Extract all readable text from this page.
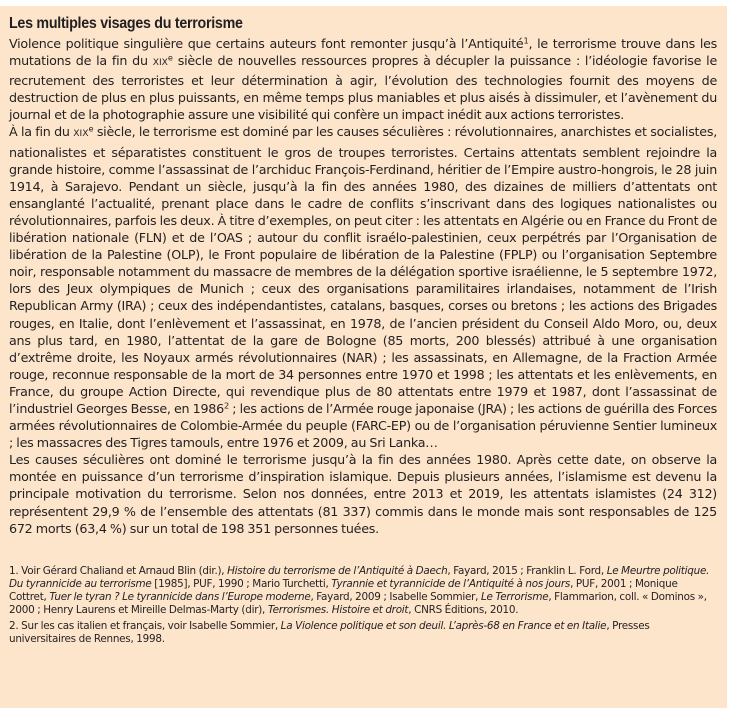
Les multiples visages du terrorisme

Violence politique singulière que certains auteurs font remonter jusqu’à l’Antiquité$^1$, le terrorisme trouve dans les mutations de la fin du XIXe siècle de nouvelles ressources propres à décupler la puissance : l’idéologie favorise le recrutement des terroristes et leur détermination à agir, l’évolution des technologies fournit des moyens de destruction de plus en plus puissants, en même temps plus maniables et plus aisés à dissimuler, et l’avènement du journal et de la photographie assure une visibilité qui confère un impact inédit aux actions terroristes.

À la fin du XIXe siècle, le terrorisme est dominé par les causes séculières : révolutionnaires, anarchistes et socialistes, nationalistes et séparatistes constituent le gros de troupes terroristes. Certains attentats semblent rejoindre la grande histoire, comme l’assassinat de l’archiduc François-Ferdinand, héritier de l’Empire austro-hongrois, le 28 juin 1914, à Sarajevo. Pendant un siècle, jusqu’à la fin des années 1980, des dizaines de milliers d’attentats ont ensanglanté l’actualité, prenant place dans le cadre de conflits s’inscrivant dans des logiques nationalistes ou révolutionnaires, parfois les deux. À titre d’exemples, on peut citer : les attentats en Algérie ou en France du Front de libération nationale (FLN) et de l’OAS ; autour du conflit israélo-palestinien, ceux perpétrés par l’Organisation de libération de la Palestine (OLP), le Front populaire de libération de la Palestine (FPLP) ou l’organisation Septembre noir, responsable notamment du massacre de membres de la délégation sportive israélienne, le 5 septembre 1972, lors des Jeux olympiques de Munich ; ceux des organisations paramilitaires irlandaises, notamment de l’Irish Republican Army (IRA) ; ceux des indépendantistes, catalans, basques, corses ou bretons ; les actions des Brigades rouges, en Italie, dont l’enlèvement et l’assassinat, en 1978, de l’ancien président du Conseil Aldo Moro, ou, deux ans plus tard, en 1980, l’attentat de la gare de Bologne (85 morts, 200 blessés) attribué à une organisation d’extrême droite, les Noyaux armés révolutionnaires (NAR) ; les assassinats, en Allemagne, de la Fraction Armée rouge, reconnue responsable de la mort de 34 personnes entre 1970 et 1998 ; les attentats et les enlèvements, en France, du groupe Action Directe, qui revendique plus de 80 attentats entre 1979 et 1987, dont l’assassinat de l’industriel Georges Besse, en 1986$^2$ ; les actions de l’Armée rouge japonaise (JRA) ; les actions de guérilla des Forces armées révolutionnaires de Colombie-Armée du peuple (FARC-EP) ou de l’organisation péruvienne Sentier lumineux ; les massacres des Tigres tamouls, entre 1976 et 2009, au Sri Lanka…

Les causes séculières ont dominé le terrorisme jusqu’à la fin des années 1980. Après cette date, on observe la montée en puissance d’un terrorisme d’inspiration islamique. Depuis plusieurs années, l’islamisme est devenu la principale motivation du terrorisme. Selon nos données, entre 2013 et 2019, les attentats islamistes (24 312) représentent 29,9 % de l’ensemble des attentats (81 337) commis dans le monde mais sont responsables de 125 672 morts (63,4 %) sur un total de 198 351 personnes tuées.

1. Voir Gérard Chaliand et Arnaud Blin (dir.), Histoire du terrorisme de l’Antiquité à Daech, Fayard, 2015 ; Franklin L. Ford, Le Meurtre politique. Du tyrannicide au terrorisme [1985], PUF, 1990 ; Mario Turchetti, Tyrannie et tyrannicide de l’Antiquité à nos jours, PUF, 2001 ; Monique Cottret, Tuer le tyran ? Le tyrannicide dans l’Europe moderne, Fayard, 2009 ; Isabelle Sommier, Le Terrorisme, Flammarion, coll. « Dominos », 2000 ; Henry Laurens et Mireille Delmas-Marty (dir), Terrorismes. Histoire et droit, CNRS Éditions, 2010.

2. Sur les cas italien et français, voir Isabelle Sommier, La Violence politique et son deuil. L’après-68 en France et en Italie, Presses universitaires de Rennes, 1998.
